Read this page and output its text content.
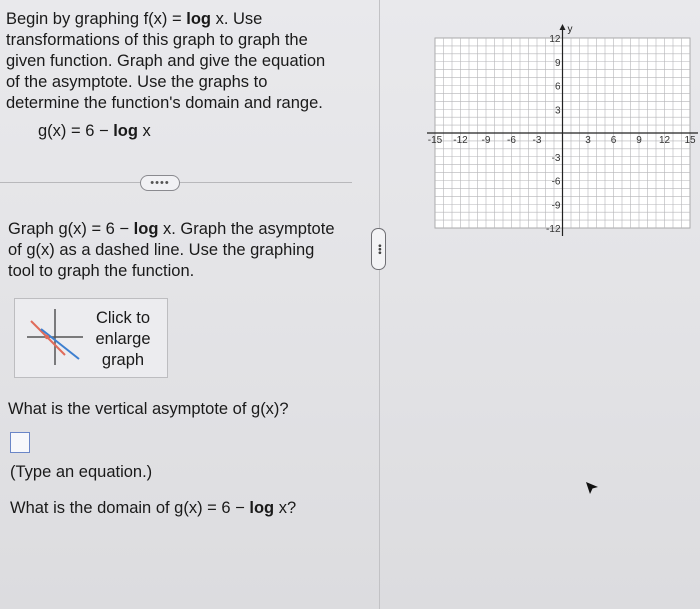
Begin by graphing f(x) = log x. Use
transformations of this graph to graph the
given function. Graph and give the equation
of the asymptote. Use the graphs to
determine the function's domain and range.
g(x) = 6 − log x
••••
Graph g(x) = 6 − log x. Graph the asymptote
of g(x) as a dashed line. Use the graphing
tool to graph the function.
Click to
enlarge
graph
What is the vertical asymptote of g(x)?
(Type an equation.)
What is the domain of g(x) = 6 − log x?
•••
-15 -12 -9 -6 -3	3 6 9 12 15
12
9
6
3
-3
-6
-9
-12
y
